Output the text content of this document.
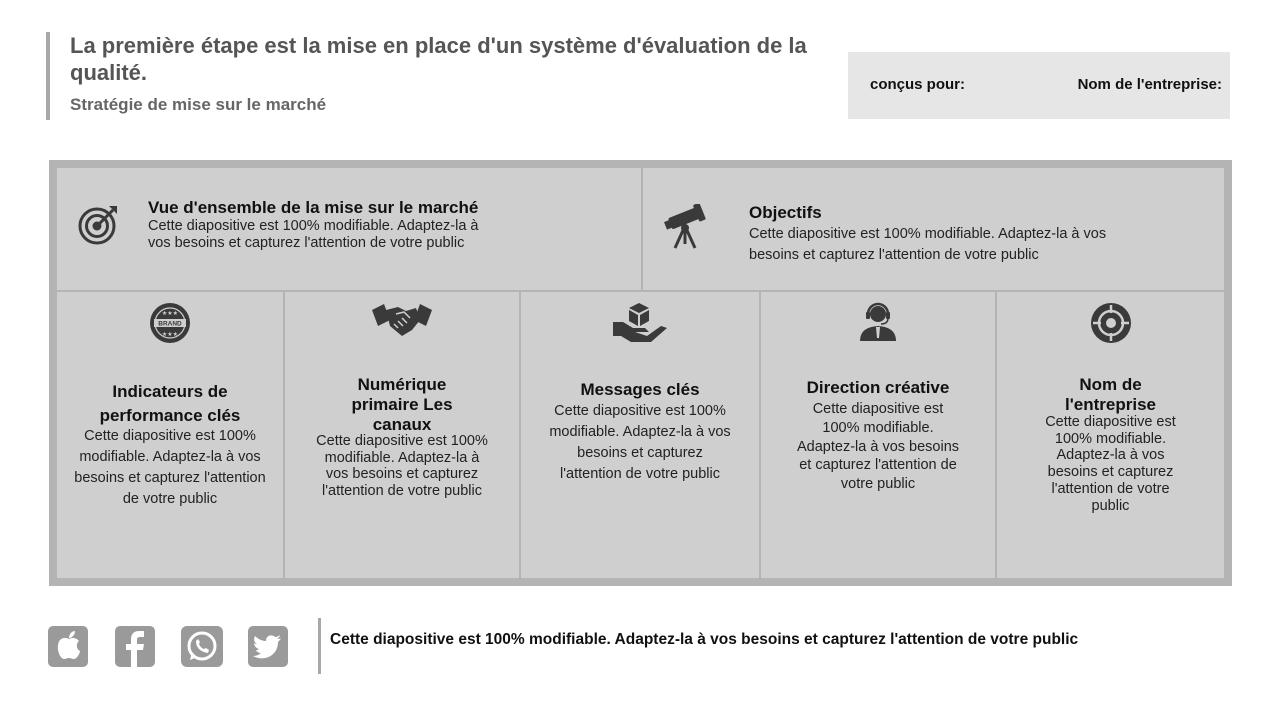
La première étape est la mise en place d'un système d'évaluation de la qualité.
Stratégie de mise sur le marché
conçus pour:	Nom de l'entreprise:
Vue d'ensemble de la mise sur le marché
Cette diapositive est 100% modifiable. Adaptez-la à vos besoins et capturez l'attention de votre public
Objectifs
Cette diapositive est 100% modifiable. Adaptez-la à vos besoins et capturez l'attention de votre public
BRAND
★★★
★★★
Indicateurs de performance clés
Cette diapositive est 100% modifiable. Adaptez-la à vos besoins et capturez l'attention de votre public
Numérique primaire Les canaux
Cette diapositive est 100% modifiable. Adaptez-la à vos besoins et capturez l'attention de votre public
Messages clés
Cette diapositive est 100% modifiable. Adaptez-la à vos besoins et capturez l'attention de votre public
Direction créative
Cette diapositive est 100% modifiable. Adaptez-la à vos besoins et capturez l'attention de votre public
Nom de l'entreprise
Cette diapositive est 100% modifiable. Adaptez-la à vos besoins et capturez l'attention de votre public
Cette diapositive est 100% modifiable. Adaptez-la à vos besoins et capturez l'attention de votre public
